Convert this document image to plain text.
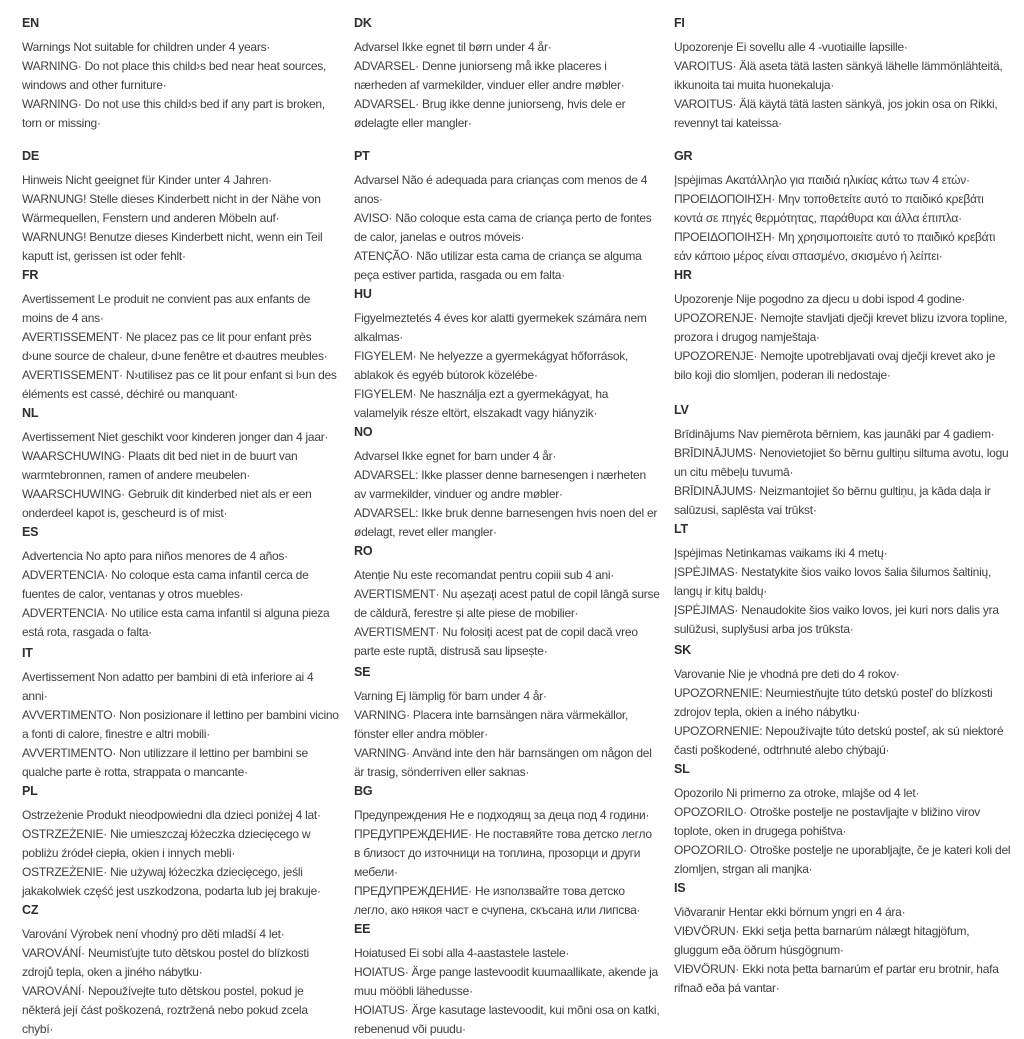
EN

Warnings Not suitable for children under 4 years·

WARNING· Do not place this child›s bed near heat sources, windows and other furniture·

WARNING· Do not use this child›s bed if any part is broken, torn or missing·

DE

Hinweis Nicht geeignet für Kinder unter 4 Jahren·

WARNUNG! Stelle dieses Kinderbett nicht in der Nähe von Wärmequellen, Fenstern und anderen Möbeln auf·

WARNUNG! Benutze dieses Kinderbett nicht, wenn ein Teil kaputt ist, gerissen ist oder fehlt·

FR

Avertissement Le produit ne convient pas aux enfants de moins de 4 ans·

AVERTISSEMENT· Ne placez pas ce lit pour enfant près d›une source de chaleur, d›une fenêtre et d›autres meubles·

AVERTISSEMENT· N›utilisez pas ce lit pour enfant si l›un des éléments est cassé, déchiré ou manquant·

NL

Avertissement Niet geschikt voor kinderen jonger dan 4 jaar·

WAARSCHUWING· Plaats dit bed niet in de buurt van warmtebronnen, ramen of andere meubelen·

WAARSCHUWING· Gebruik dit kinderbed niet als er een onderdeel kapot is, gescheurd is of mist·

ES

Advertencia No apto para niños menores de 4 años·

ADVERTENCIA· No coloque esta cama infantil cerca de fuentes de calor, ventanas y otros muebles·

ADVERTENCIA· No utilice esta cama infantil si alguna pieza está rota, rasgada o falta·

IT

Avertissement Non adatto per bambini di età inferiore ai 4 anni·

AVVERTIMENTO· Non posizionare il lettino per bambini vicino a fonti di calore, finestre e altri mobili·

AVVERTIMENTO· Non utilizzare il lettino per bambini se qualche parte è rotta, strappata o mancante·

PL

Ostrzeżenie Produkt nieodpowiedni dla dzieci poniżej 4 lat·

OSTRZEŻENIE· Nie umieszczaj łóżeczka dziecięcego w pobliżu źródeł ciepła, okien i innych mebli·

OSTRZEŻENIE· Nie używaj łóżeczka dziecięcego, jeśli jakakolwiek część jest uszkodzona, podarta lub jej brakuje·

CZ

Varování Výrobek není vhodný pro děti mladší 4 let·

VAROVÁNÍ· Neumisťujte tuto dětskou postel do blízkosti zdrojů tepla, oken a jiného nábytku·

VAROVÁNÍ· Nepoužívejte tuto dětskou postel, pokud je některá její část poškozená, roztržená nebo pokud zcela chybí·

DK

Advarsel Ikke egnet til børn under 4 år·

ADVARSEL· Denne juniorseng må ikke placeres i nærheden af varmekilder, vinduer eller andre møbler·

ADVARSEL· Brug ikke denne juniorseng, hvis dele er ødelagte eller mangler·

PT

Advarsel Não é adequada para crianças com menos de 4 anos·

AVISO· Não coloque esta cama de criança perto de fontes de calor, janelas e outros móveis·

ATENÇÃO· Não utilizar esta cama de criança se alguma peça estiver partida, rasgada ou em falta·

HU

Figyelmeztetés 4 éves kor alatti gyermekek számára nem alkalmas·

FIGYELEM· Ne helyezze a gyermekágyat hőforrások, ablakok és egyéb bútorok közelébe·

FIGYELEM· Ne használja ezt a gyermekágyat, ha valamelyik része eltört, elszakadt vagy hiányzik·

NO

Advarsel Ikke egnet for barn under 4 år·

ADVARSEL: Ikke plasser denne barnesengen i nærheten av varmekilder, vinduer og andre møbler·

ADVARSEL: Ikke bruk denne barnesengen hvis noen del er ødelagt, revet eller mangler·

RO

Atenție Nu este recomandat pentru copiii sub 4 ani·

AVERTISMENT· Nu așezați acest patul de copil lângă surse de căldură, ferestre și alte piese de mobilier·

AVERTISMENT· Nu folosiți acest pat de copil dacă vreo parte este ruptă, distrusă sau lipsește·

SE

Varning Ej lämplig för barn under 4 år·

VARNING· Placera inte barnsängen nära värmekällor, fönster eller andra möbler·

VARNING· Använd inte den här barnsängen om någon del är trasig, sönderriven eller saknas·

BG

Предупреждения Не е подходящ за деца под 4 години·

ПРЕДУПРЕЖДЕНИЕ· Не поставяйте това детско легло в близост до източници на топлина, прозорци и други мебели·

ПРЕДУПРЕЖДЕНИЕ· Не използвайте това детско легло, ако някоя част е счупена, скъсана или липсва·

EE

Hoiatused Ei sobi alla 4-aastastele lastele·

HOIATUS· Ärge pange lastevoodit kuumaallikate, akende ja muu mööbli lähedusse·

HOIATUS· Ärge kasutage lastevoodit, kui mõni osa on katki, rebenenud või puudu·

FI

Upozorenje Ei sovellu alle 4 -vuotiaille lapsille·

VAROITUS· Älä aseta tätä lasten sänkyä lähelle lämmönlähteitä, ikkunoita tai muita huonekaluja·

VAROITUS· Älä käytä tätä lasten sänkyä, jos jokin osa on Rikki, revennyt tai kateissa·

GR

Įspėjimas Ακατάλληλο για παιδιά ηλικίας κάτω των 4 ετών·

ΠΡΟΕΙΔΟΠΟΙΗΣΗ· Μην τοποθετείτε αυτό το παιδικό κρεβάτι κοντά σε πηγές θερμότητας, παράθυρα και άλλα έπιπλα·

ΠΡΟΕΙΔΟΠΟΙΗΣΗ· Μη χρησιμοποιείτε αυτό το παιδικό κρεβάτι εάν κάποιο μέρος είναι σπασμένο, σκισμένο ή λείπει·

HR

Upozorenje Nije pogodno za djecu u dobi ispod 4 godine·

UPOZORENJE· Nemojte stavljati dječji krevet blizu izvora topline, prozora i drugog namještaja·

UPOZORENJE· Nemojte upotrebljavati ovaj dječji krevet ako je bilo koji dio slomljen, poderan ili nedostaje·

LV

Brīdinājums Nav piemērota bērniem, kas jaunāki par 4 gadiem·

BRĪDINĀJUMS· Nenovietojiet šo bērnu gultiņu siltuma avotu, logu un citu mēbeļu tuvumā·

BRĪDINĀJUMS· Neizmantojiet šo bērnu gultiņu, ja kāda daļa ir salūzusi, saplēsta vai trūkst·

LT

Įspėjimas Netinkamas vaikams iki 4 metų·

ĮSPĖJIMAS· Nestatykite šios vaiko lovos šalia šilumos šaltinių, langų ir kitų baldų·

ĮSPĖJIMAS· Nenaudokite šios vaiko lovos, jei kuri nors dalis yra sulūžusi, suplyšusi arba jos trūksta·

SK

Varovanie Nie je vhodná pre deti do 4 rokov·

UPOZORNENIE: Neumiestňujte túto detskú posteľ do blízkosti zdrojov tepla, okien a iného nábytku·

UPOZORNENIE: Nepoužívajte túto detskú posteľ, ak sú niektoré časti poškodené, odtrhnuté alebo chýbajú·

SL

Opozorilo Ni primerno za otroke, mlajše od 4 let·

OPOZORILO· Otroške postelje ne postavljajte v bližino virov toplote, oken in drugega pohištva·

OPOZORILO· Otroške postelje ne uporabljajte, če je kateri koli del zlomljen, strgan ali manjka·

IS

Viðvaranir Hentar ekki börnum yngri en 4 ára·

VIÐVÖRUN· Ekki setja þetta barnarúm nálægt hitagjöfum, gluggum eða öðrum húsgögnum·

VIÐVÖRUN· Ekki nota þetta barnarúm ef partar eru brotnir, hafa rifnað eða þá vantar·
